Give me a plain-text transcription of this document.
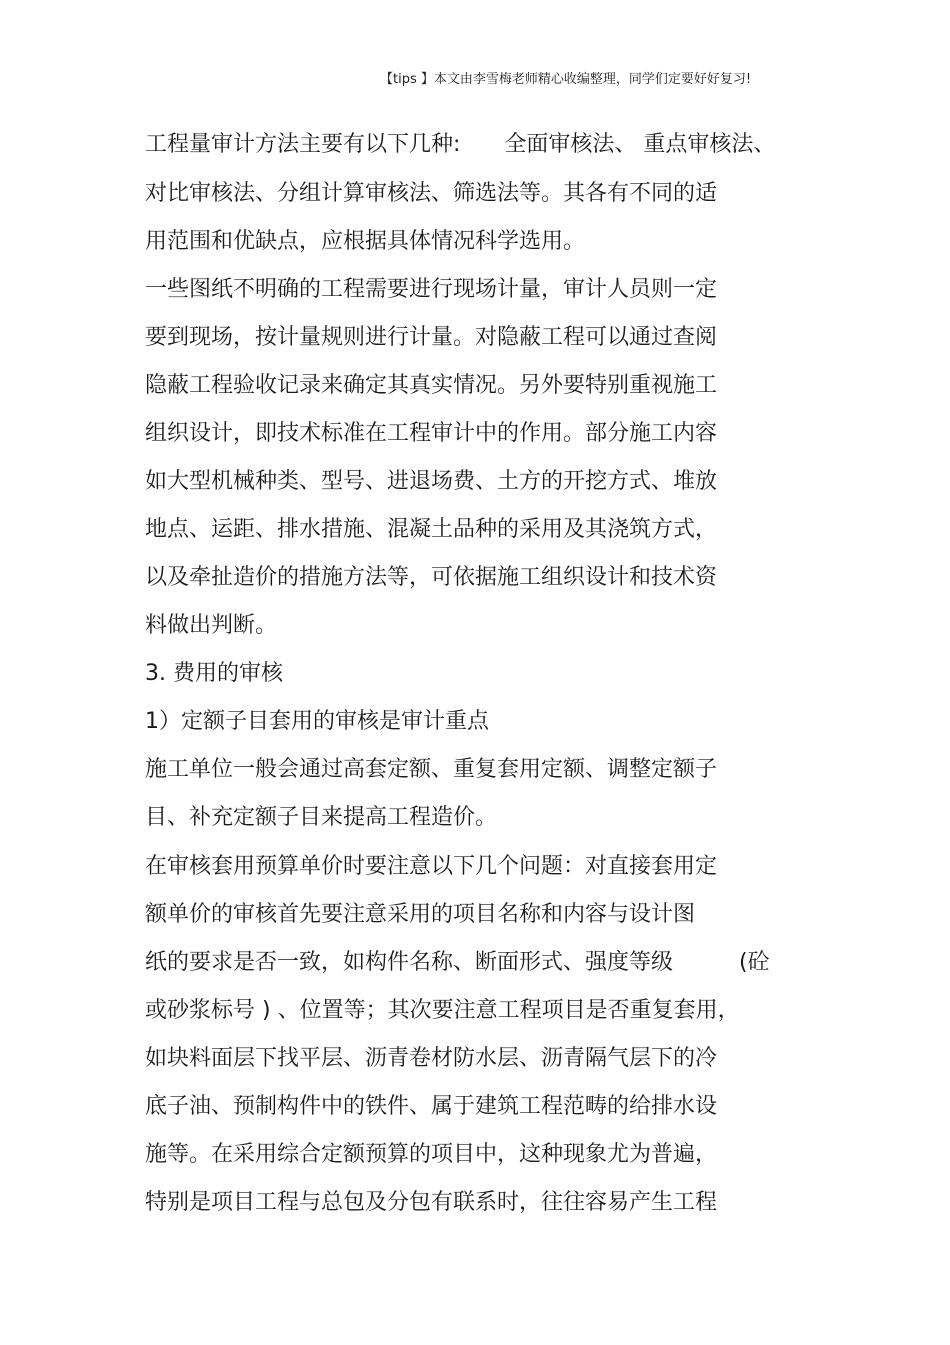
【tips 】本文由李雪梅老师精心收编整理，同学们定要好好复习!
工程量审计方法主要有以下几种:　　全面审核法、 重点审核法、
对比审核法、分组计算审核法、筛选法等。其各有不同的适
用范围和优缺点，应根据具体情况科学选用。
一些图纸不明确的工程需要进行现场计量，审计人员则一定
要到现场，按计量规则进行计量。对隐蔽工程可以通过查阅
隐蔽工程验收记录来确定其真实情况。另外要特别重视施工
组织设计，即技术标准在工程审计中的作用。部分施工内容
如大型机械种类、型号、进退场费、土方的开挖方式、堆放
地点、运距、排水措施、混凝土品种的采用及其浇筑方式，
以及牵扯造价的措施方法等，可依据施工组织设计和技术资
料做出判断。
3. 费用的审核
1）定额子目套用的审核是审计重点
施工单位一般会通过高套定额、重复套用定额、调整定额子
目、补充定额子目来提高工程造价。
在审核套用预算单价时要注意以下几个问题：对直接套用定
额单价的审核首先要注意采用的项目名称和内容与设计图
纸的要求是否一致，如构件名称、断面形式、强度等级　　　(砼
或砂浆标号 ) 、位置等；其次要注意工程项目是否重复套用，
如块料面层下找平层、沥青卷材防水层、沥青隔气层下的冷
底子油、预制构件中的铁件、属于建筑工程范畴的给排水设
施等。在采用综合定额预算的项目中，这种现象尤为普遍，
特别是项目工程与总包及分包有联系时，往往容易产生工程
